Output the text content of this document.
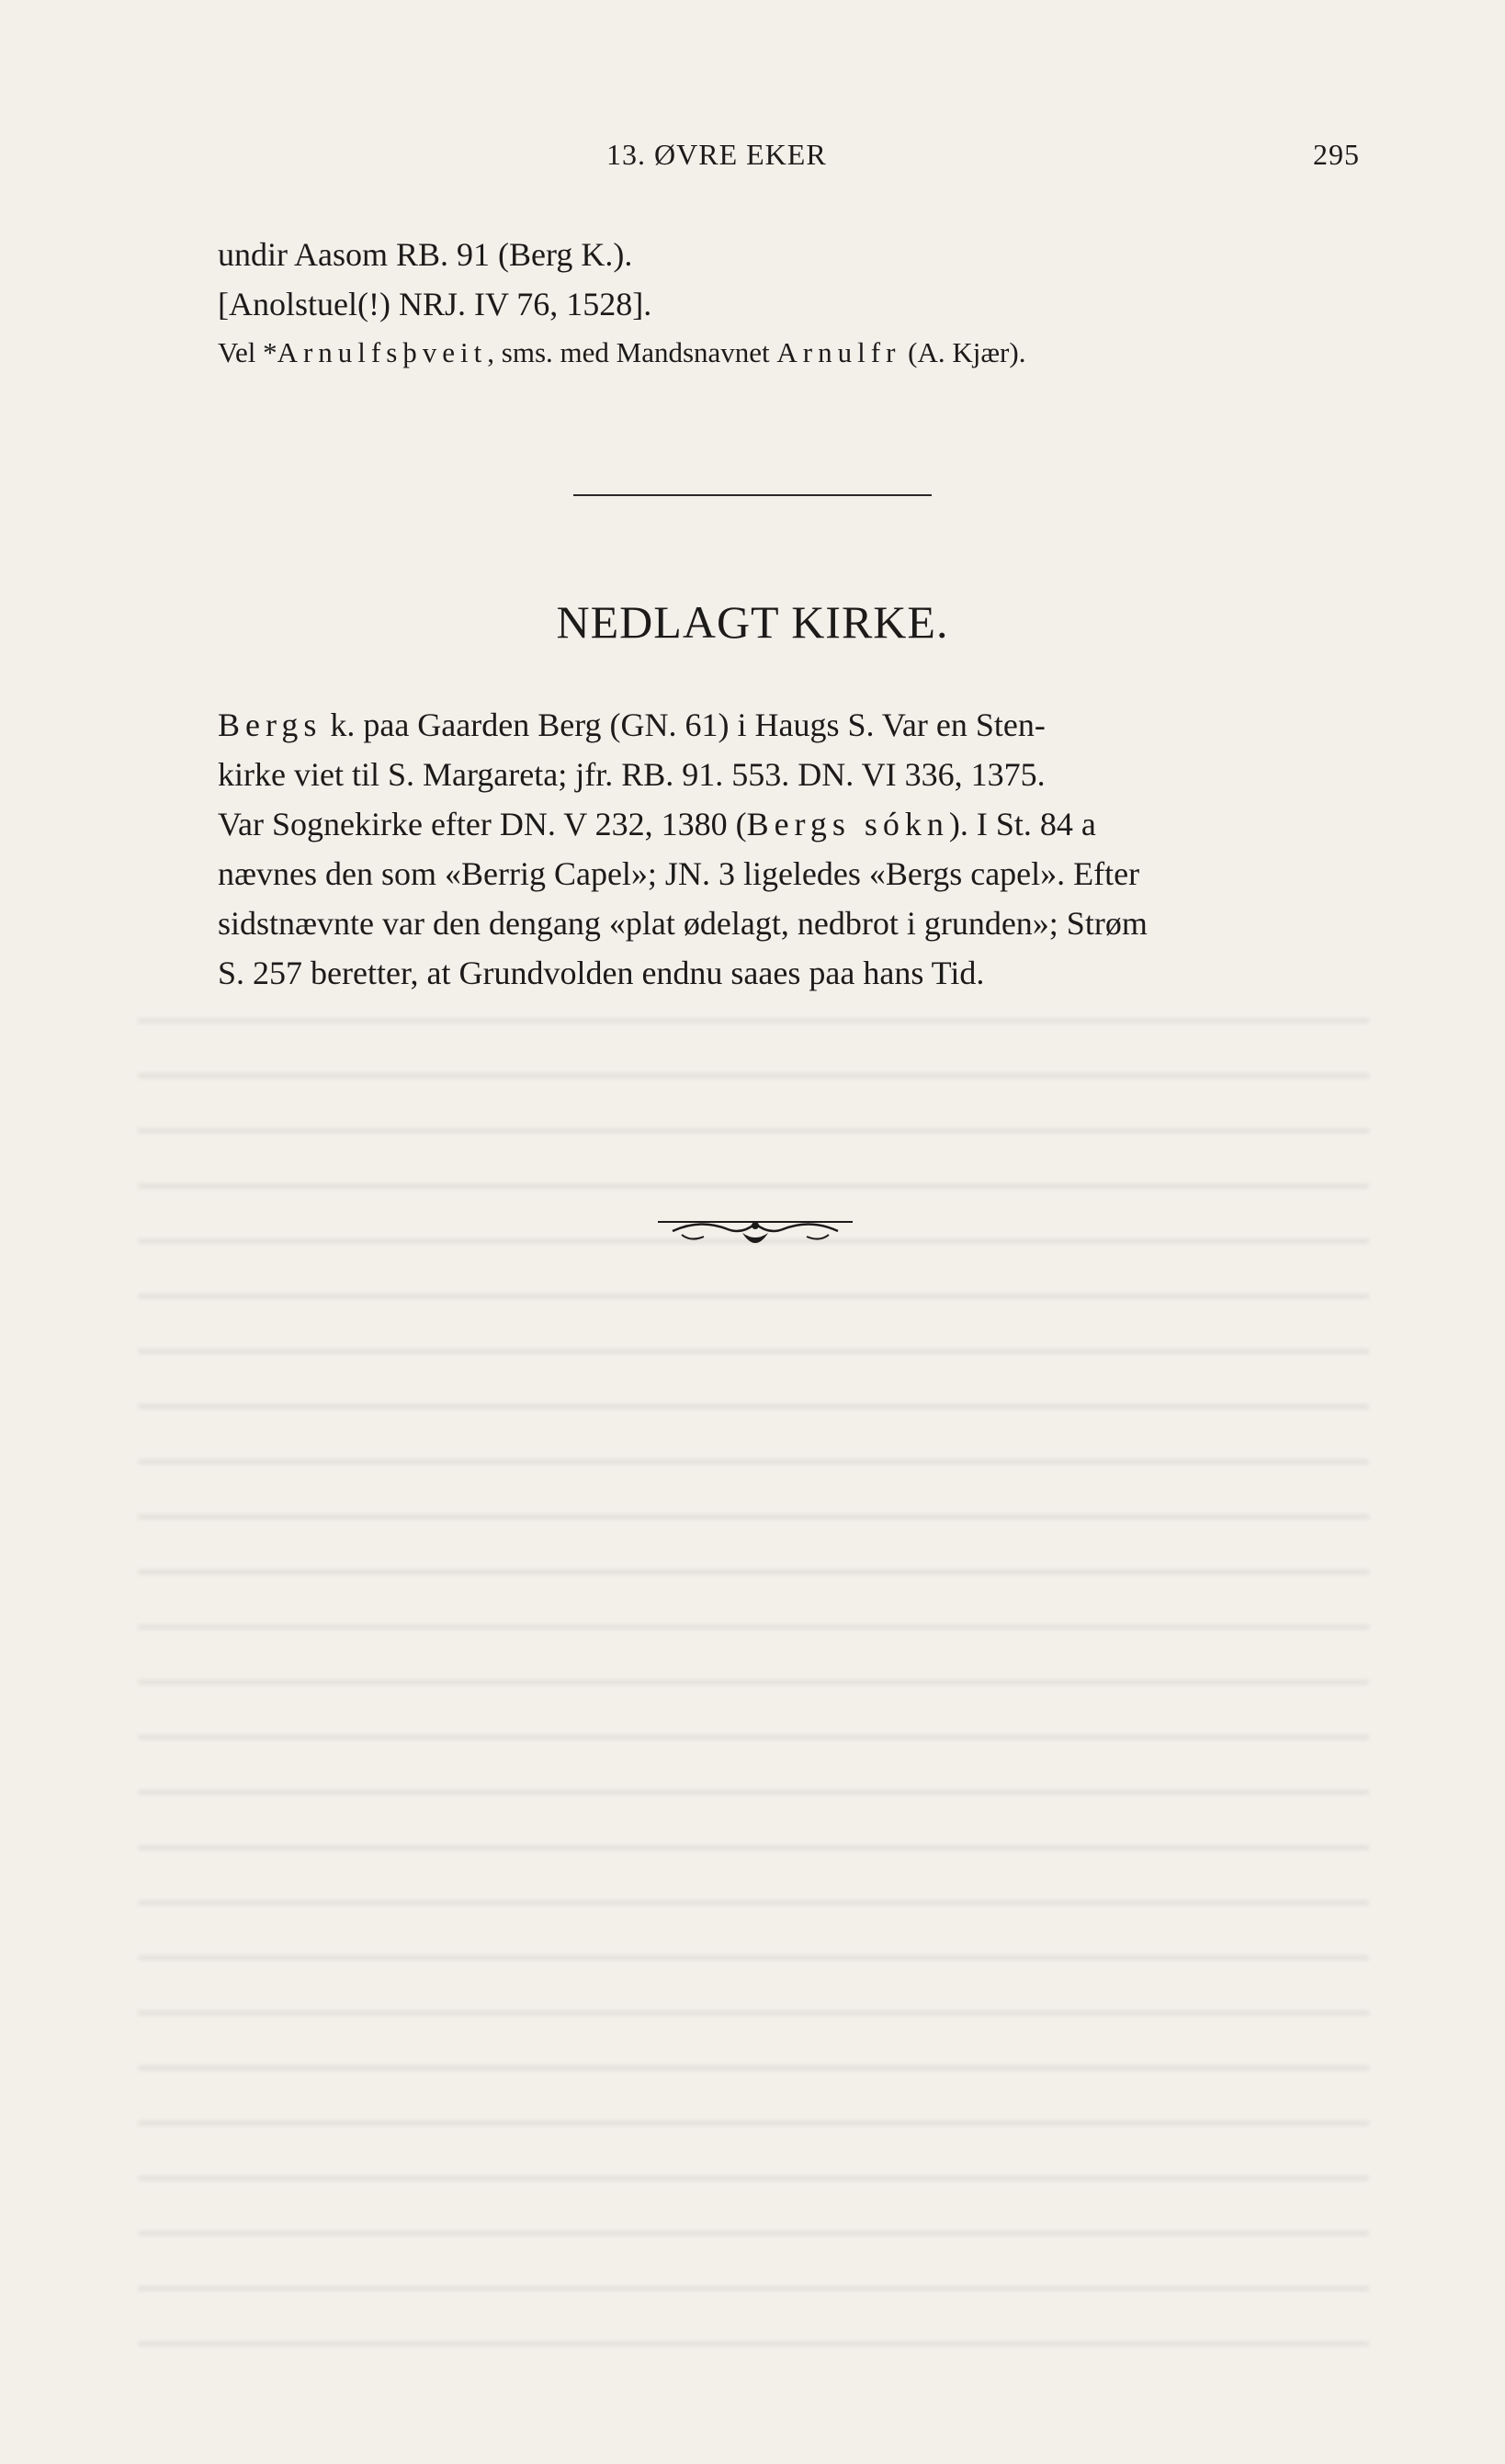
13. ØVRE EKER	295
undir Aasom RB. 91 (Berg K.).
[Anolstuel(!) NRJ. IV 76, 1528].
Vel *Arnulfsþveit, sms. med Mandsnavnet Arnulfr (A. Kjær).
NEDLAGT KIRKE.
Bergs k. paa Gaarden Berg (GN. 61) i Haugs S. Var en Sten-
kirke viet til S. Margareta; jfr. RB. 91. 553. DN. VI 336, 1375.
Var Sognekirke efter DN. V 232, 1380 (Bergs sókn). I St. 84 a
nævnes den som «Berrig Capel»; JN. 3 ligeledes «Bergs capel». Efter
sidstnævnte var den dengang «plat ødelagt, nedbrot i grunden»; Strøm
S. 257 beretter, at Grundvolden endnu saaes paa hans Tid.
